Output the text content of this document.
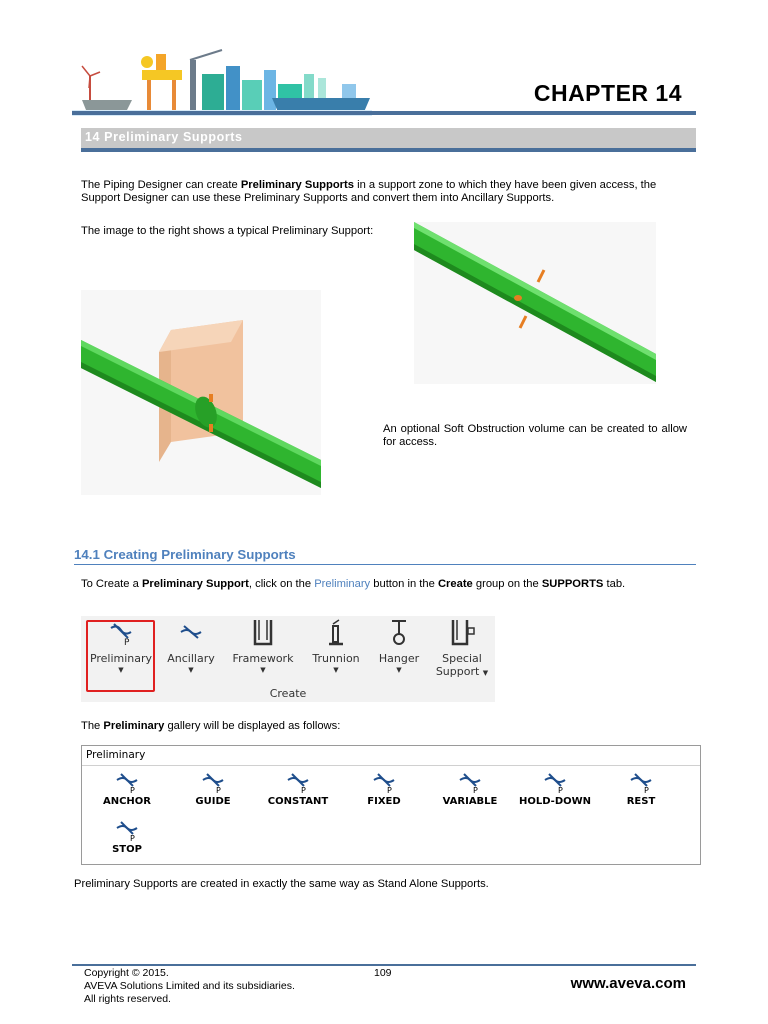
CHAPTER 14
14 Preliminary Supports
The Piping Designer can create Preliminary Supports in a support zone to which they have been given access, the Support Designer can use these Preliminary Supports and convert them into Ancillary Supports.
The image to the right shows a typical Preliminary Support:
An optional Soft Obstruction volume can be created to allow for access.
14.1 Creating Preliminary Supports
To Create a Preliminary Support, click on the Preliminary button in the Create group on the SUPPORTS tab.
P
Preliminary
▼
Ancillary
▼
Framework
▼
Trunnion
▼
Hanger
▼
Special
Support ▼
Create
The Preliminary gallery will be displayed as follows:
Preliminary
P
ANCHOR
P
GUIDE
P
CONSTANT
P
FIXED
P
VARIABLE
P
HOLD-DOWN
P
REST
P
STOP
Preliminary Supports are created in exactly the same way as Stand Alone Supports.
Copyright © 2015.
AVEVA Solutions Limited and its subsidiaries.
All rights reserved.
109
www.aveva.com
